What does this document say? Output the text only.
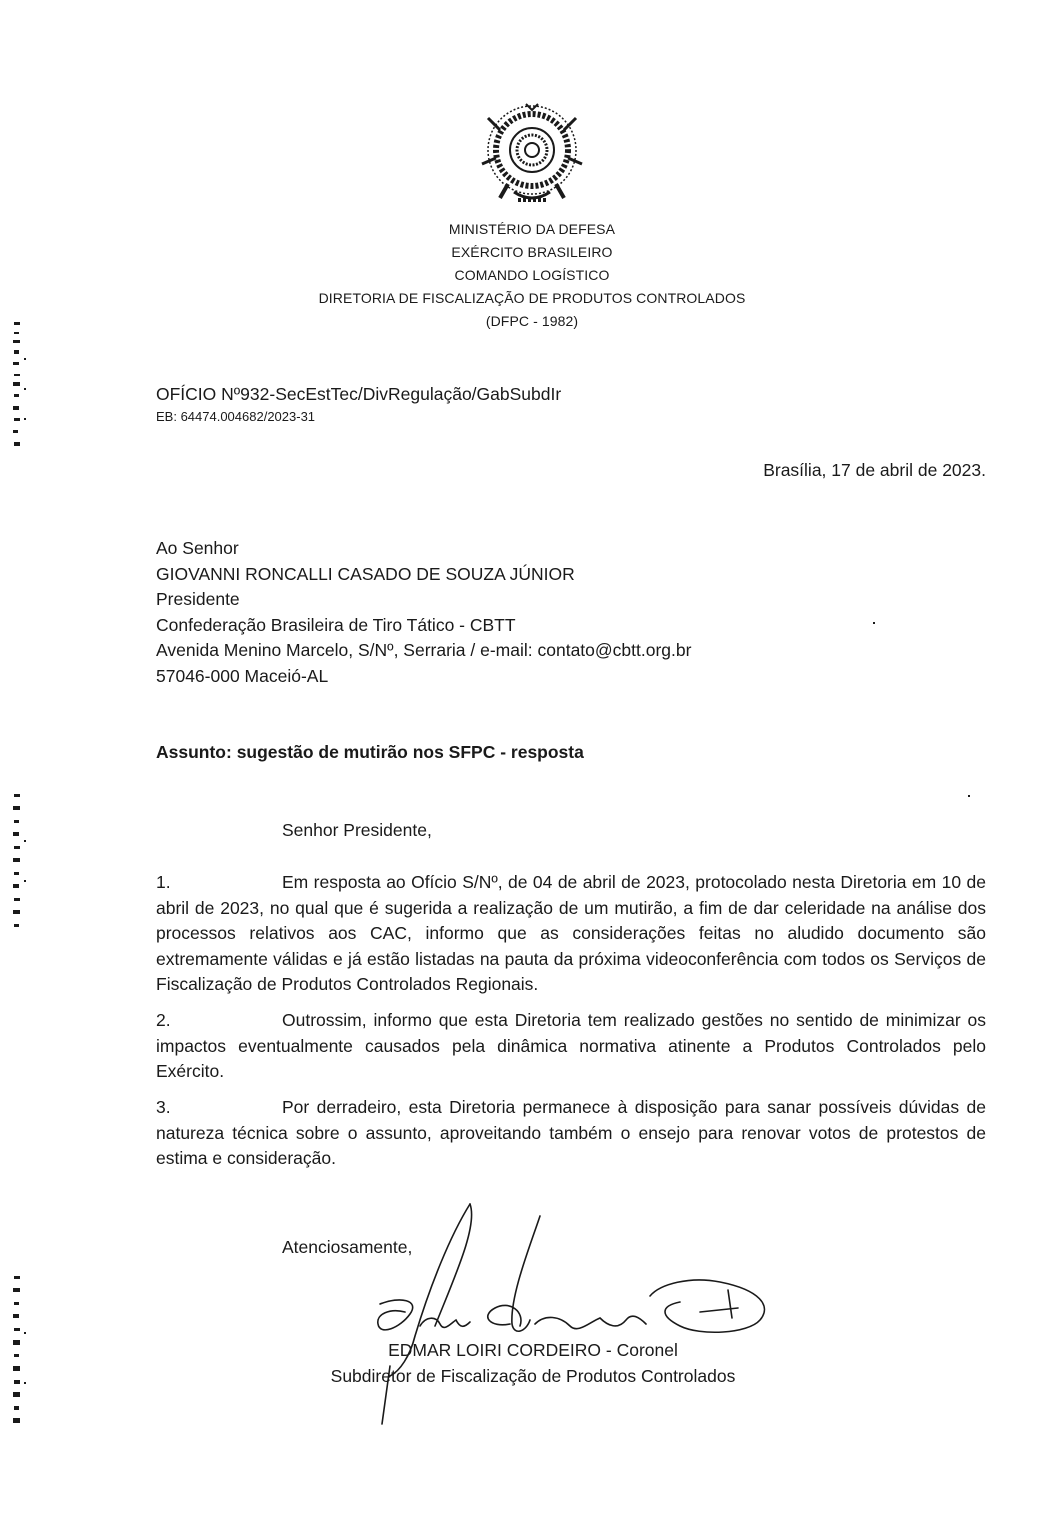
MINISTÉRIO DA DEFESA
EXÉRCITO BRASILEIRO
COMANDO LOGÍSTICO
DIRETORIA DE FISCALIZAÇÃO DE PRODUTOS CONTROLADOS
(DFPC - 1982)
OFÍCIO Nº932-SecEstTec/DivRegulação/GabSubdIr
EB: 64474.004682/2023-31
Brasília, 17 de abril de 2023.
Ao Senhor
GIOVANNI RONCALLI CASADO DE SOUZA JÚNIOR
Presidente
Confederação Brasileira de Tiro Tático - CBTT
Avenida Menino Marcelo, S/Nº, Serraria / e-mail: contato@cbtt.org.br
57046-000 Maceió-AL
Assunto: sugestão de mutirão nos SFPC - resposta
Senhor Presidente,
1.	Em resposta ao Ofício S/Nº, de 04 de abril de 2023, protocolado nesta Diretoria em 10 de abril de 2023, no qual que é sugerida a realização de um mutirão, a fim de dar celeridade na análise dos processos relativos aos CAC, informo que as considerações feitas no aludido documento são extremamente válidas e já estão listadas na pauta da próxima videoconferência com todos os Serviços de Fiscalização de Produtos Controlados Regionais.
2.	Outrossim, informo que esta Diretoria tem realizado gestões no sentido de minimizar os impactos eventualmente causados pela dinâmica normativa atinente a Produtos Controlados pelo Exército.
3.	Por derradeiro, esta Diretoria permanece à disposição para sanar possíveis dúvidas de natureza técnica sobre o assunto, aproveitando também o ensejo para renovar votos de protestos de estima e consideração.
Atenciosamente,
EDMAR LOIRI CORDEIRO - Coronel
Subdiretor de Fiscalização de Produtos Controlados
